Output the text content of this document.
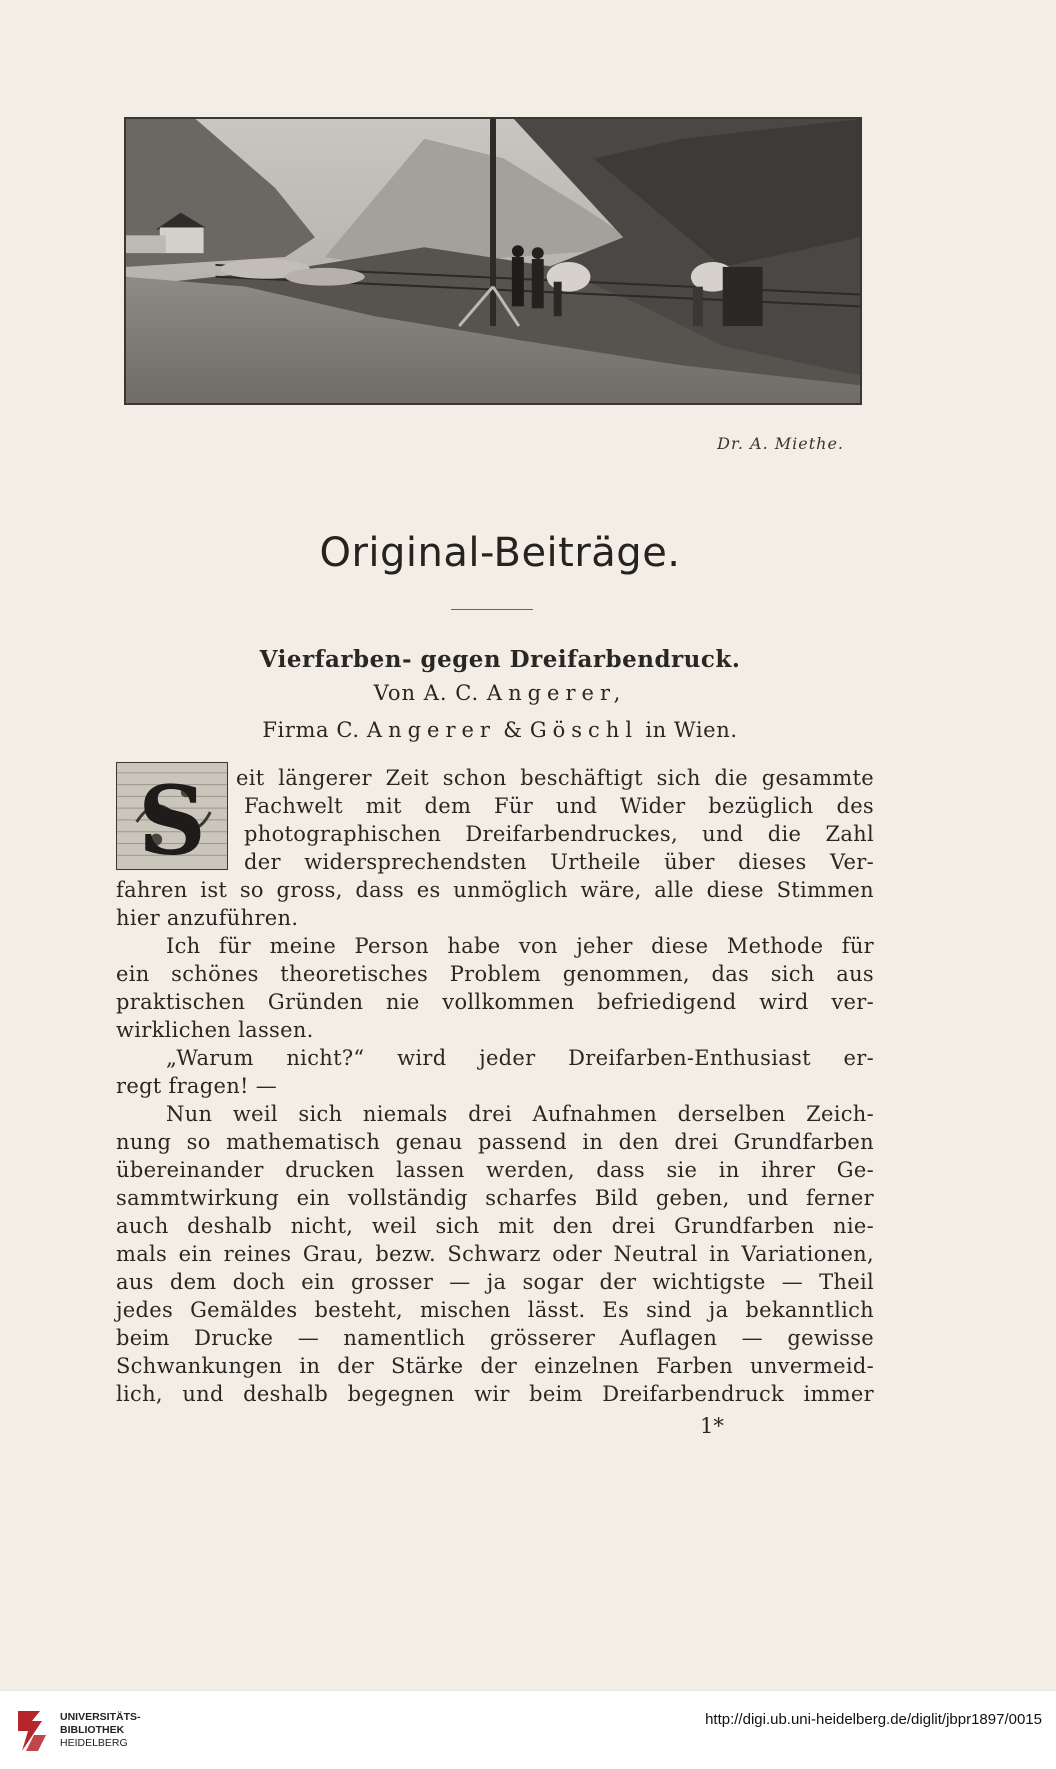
Dr. A. Miethe.
Original-Beiträge.
Vierfarben- gegen Dreifarbendruck.
Von A. C. Angerer,
Firma C. Angerer & Göschl in Wien.
S eit längerer Zeit schon beschäftigt sich die gesammte
Fachwelt mit dem Für und Wider bezüglich des
photographischen Dreifarbendruckes, und die Zahl
der widersprechendsten Urtheile über dieses Ver-
fahren ist so gross, dass es unmöglich wäre, alle diese Stimmen
hier anzuführen.
Ich für meine Person habe von jeher diese Methode für
ein schönes theoretisches Problem genommen, das sich aus
praktischen Gründen nie vollkommen befriedigend wird ver-
wirklichen lassen.
„Warum nicht?“ wird jeder Dreifarben-Enthusiast er-
regt fragen! —
Nun weil sich niemals drei Aufnahmen derselben Zeich-
nung so mathematisch genau passend in den drei Grundfarben
übereinander drucken lassen werden, dass sie in ihrer Ge-
sammtwirkung ein vollständig scharfes Bild geben, und ferner
auch deshalb nicht, weil sich mit den drei Grundfarben nie-
mals ein reines Grau, bezw. Schwarz oder Neutral in Variationen,
aus dem doch ein grosser — ja sogar der wichtigste — Theil
jedes Gemäldes besteht, mischen lässt. Es sind ja bekanntlich
beim Drucke — namentlich grösserer Auflagen — gewisse
Schwankungen in der Stärke der einzelnen Farben unvermeid-
lich, und deshalb begegnen wir beim Dreifarbendruck immer
1*
UNIVERSITÄTS-
BIBLIOTHEK
HEIDELBERG
http://digi.ub.uni-heidelberg.de/diglit/jbpr1897/0015
